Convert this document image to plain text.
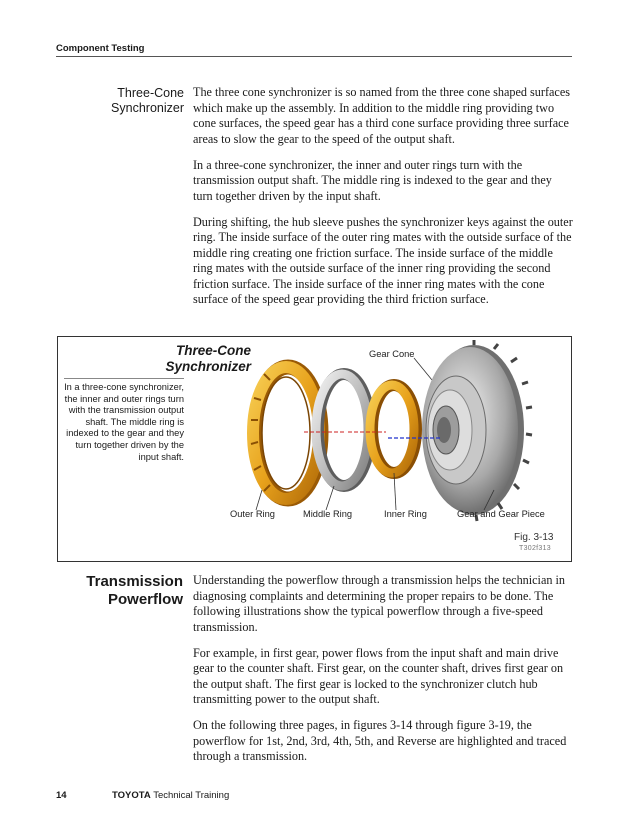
Component Testing
Three-Cone
Synchronizer

The three cone synchronizer is so named from the three cone shaped surfaces which make up the assembly. In addition to the middle ring providing two cone surfaces, the speed gear has a third cone surface providing three surface areas to slow the gear to the speed of the output shaft.

In a three-cone synchronizer, the inner and outer rings turn with the transmission output shaft. The middle ring is indexed to the gear and they turn together driven by the input shaft.

During shifting, the hub sleeve pushes the synchronizer keys against the outer ring. The inside surface of the outer ring mates with the outside surface of the middle ring creating one friction surface. The inside surface of the middle ring mates with the outside surface of the inner ring providing the second friction surface. The inside surface of the inner ring mates with the cone surface of the speed gear providing the third friction surface.

Three-Cone
Synchronizer
In a three-cone synchronizer, the inner and outer rings turn with the transmission output shaft. The middle ring is indexed to the gear and they turn together driven by the input shaft.
Gear Cone
Outer Ring	Middle Ring	Inner Ring	Gear and Gear Piece
Fig. 3-13
T302f313
Transmission
Powerflow

Understanding the powerflow through a transmission helps the technician in diagnosing complaints and determining the proper repairs to be done. The following illustrations show the typical powerflow through a five-speed transmission.

For example, in first gear, power flows from the input shaft and main drive gear to the counter shaft. First gear, on the counter shaft, drives first gear on the output shaft. The first gear is locked to the synchronizer clutch hub transmitting power to the output shaft.

On the following three pages, in figures 3-14 through figure 3-19, the powerflow for 1st, 2nd, 3rd, 4th, 5th, and Reverse are highlighted and traced through a transmission.

14	TOYOTA Technical Training
